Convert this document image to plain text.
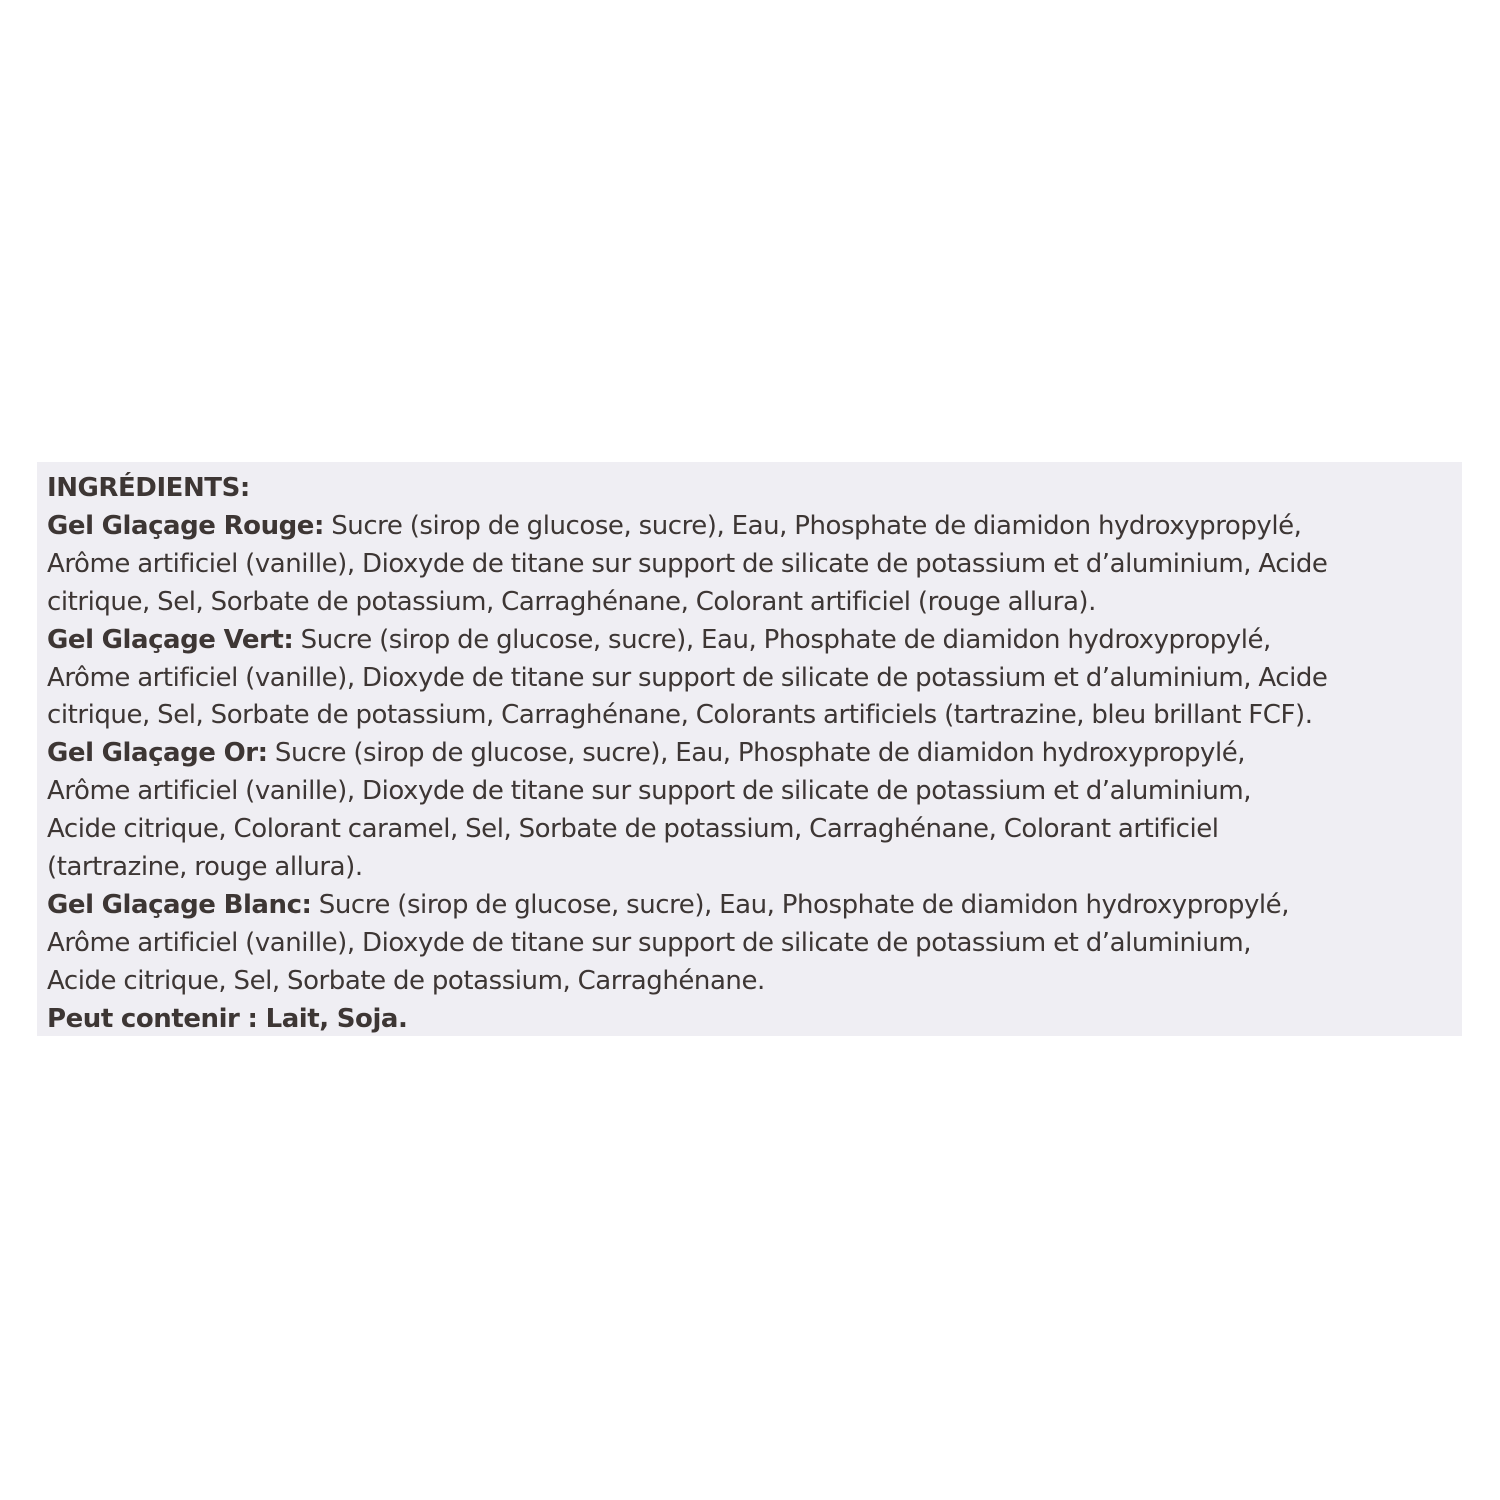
INGRÉDIENTS:
Gel Glaçage Rouge: Sucre (sirop de glucose, sucre), Eau, Phosphate de diamidon hydroxypropylé,
Arôme artificiel (vanille), Dioxyde de titane sur support de silicate de potassium et d’aluminium, Acide
citrique, Sel, Sorbate de potassium, Carraghénane, Colorant artificiel (rouge allura).
Gel Glaçage Vert: Sucre (sirop de glucose, sucre), Eau, Phosphate de diamidon hydroxypropylé,
Arôme artificiel (vanille), Dioxyde de titane sur support de silicate de potassium et d’aluminium, Acide
citrique, Sel, Sorbate de potassium, Carraghénane, Colorants artificiels (tartrazine, bleu brillant FCF).
Gel Glaçage Or: Sucre (sirop de glucose, sucre), Eau, Phosphate de diamidon hydroxypropylé,
Arôme artificiel (vanille), Dioxyde de titane sur support de silicate de potassium et d’aluminium,
Acide citrique, Colorant caramel, Sel, Sorbate de potassium, Carraghénane, Colorant artificiel
(tartrazine, rouge allura).
Gel Glaçage Blanc: Sucre (sirop de glucose, sucre), Eau, Phosphate de diamidon hydroxypropylé,
Arôme artificiel (vanille), Dioxyde de titane sur support de silicate de potassium et d’aluminium,
Acide citrique, Sel, Sorbate de potassium, Carraghénane.
Peut contenir : Lait, Soja.
